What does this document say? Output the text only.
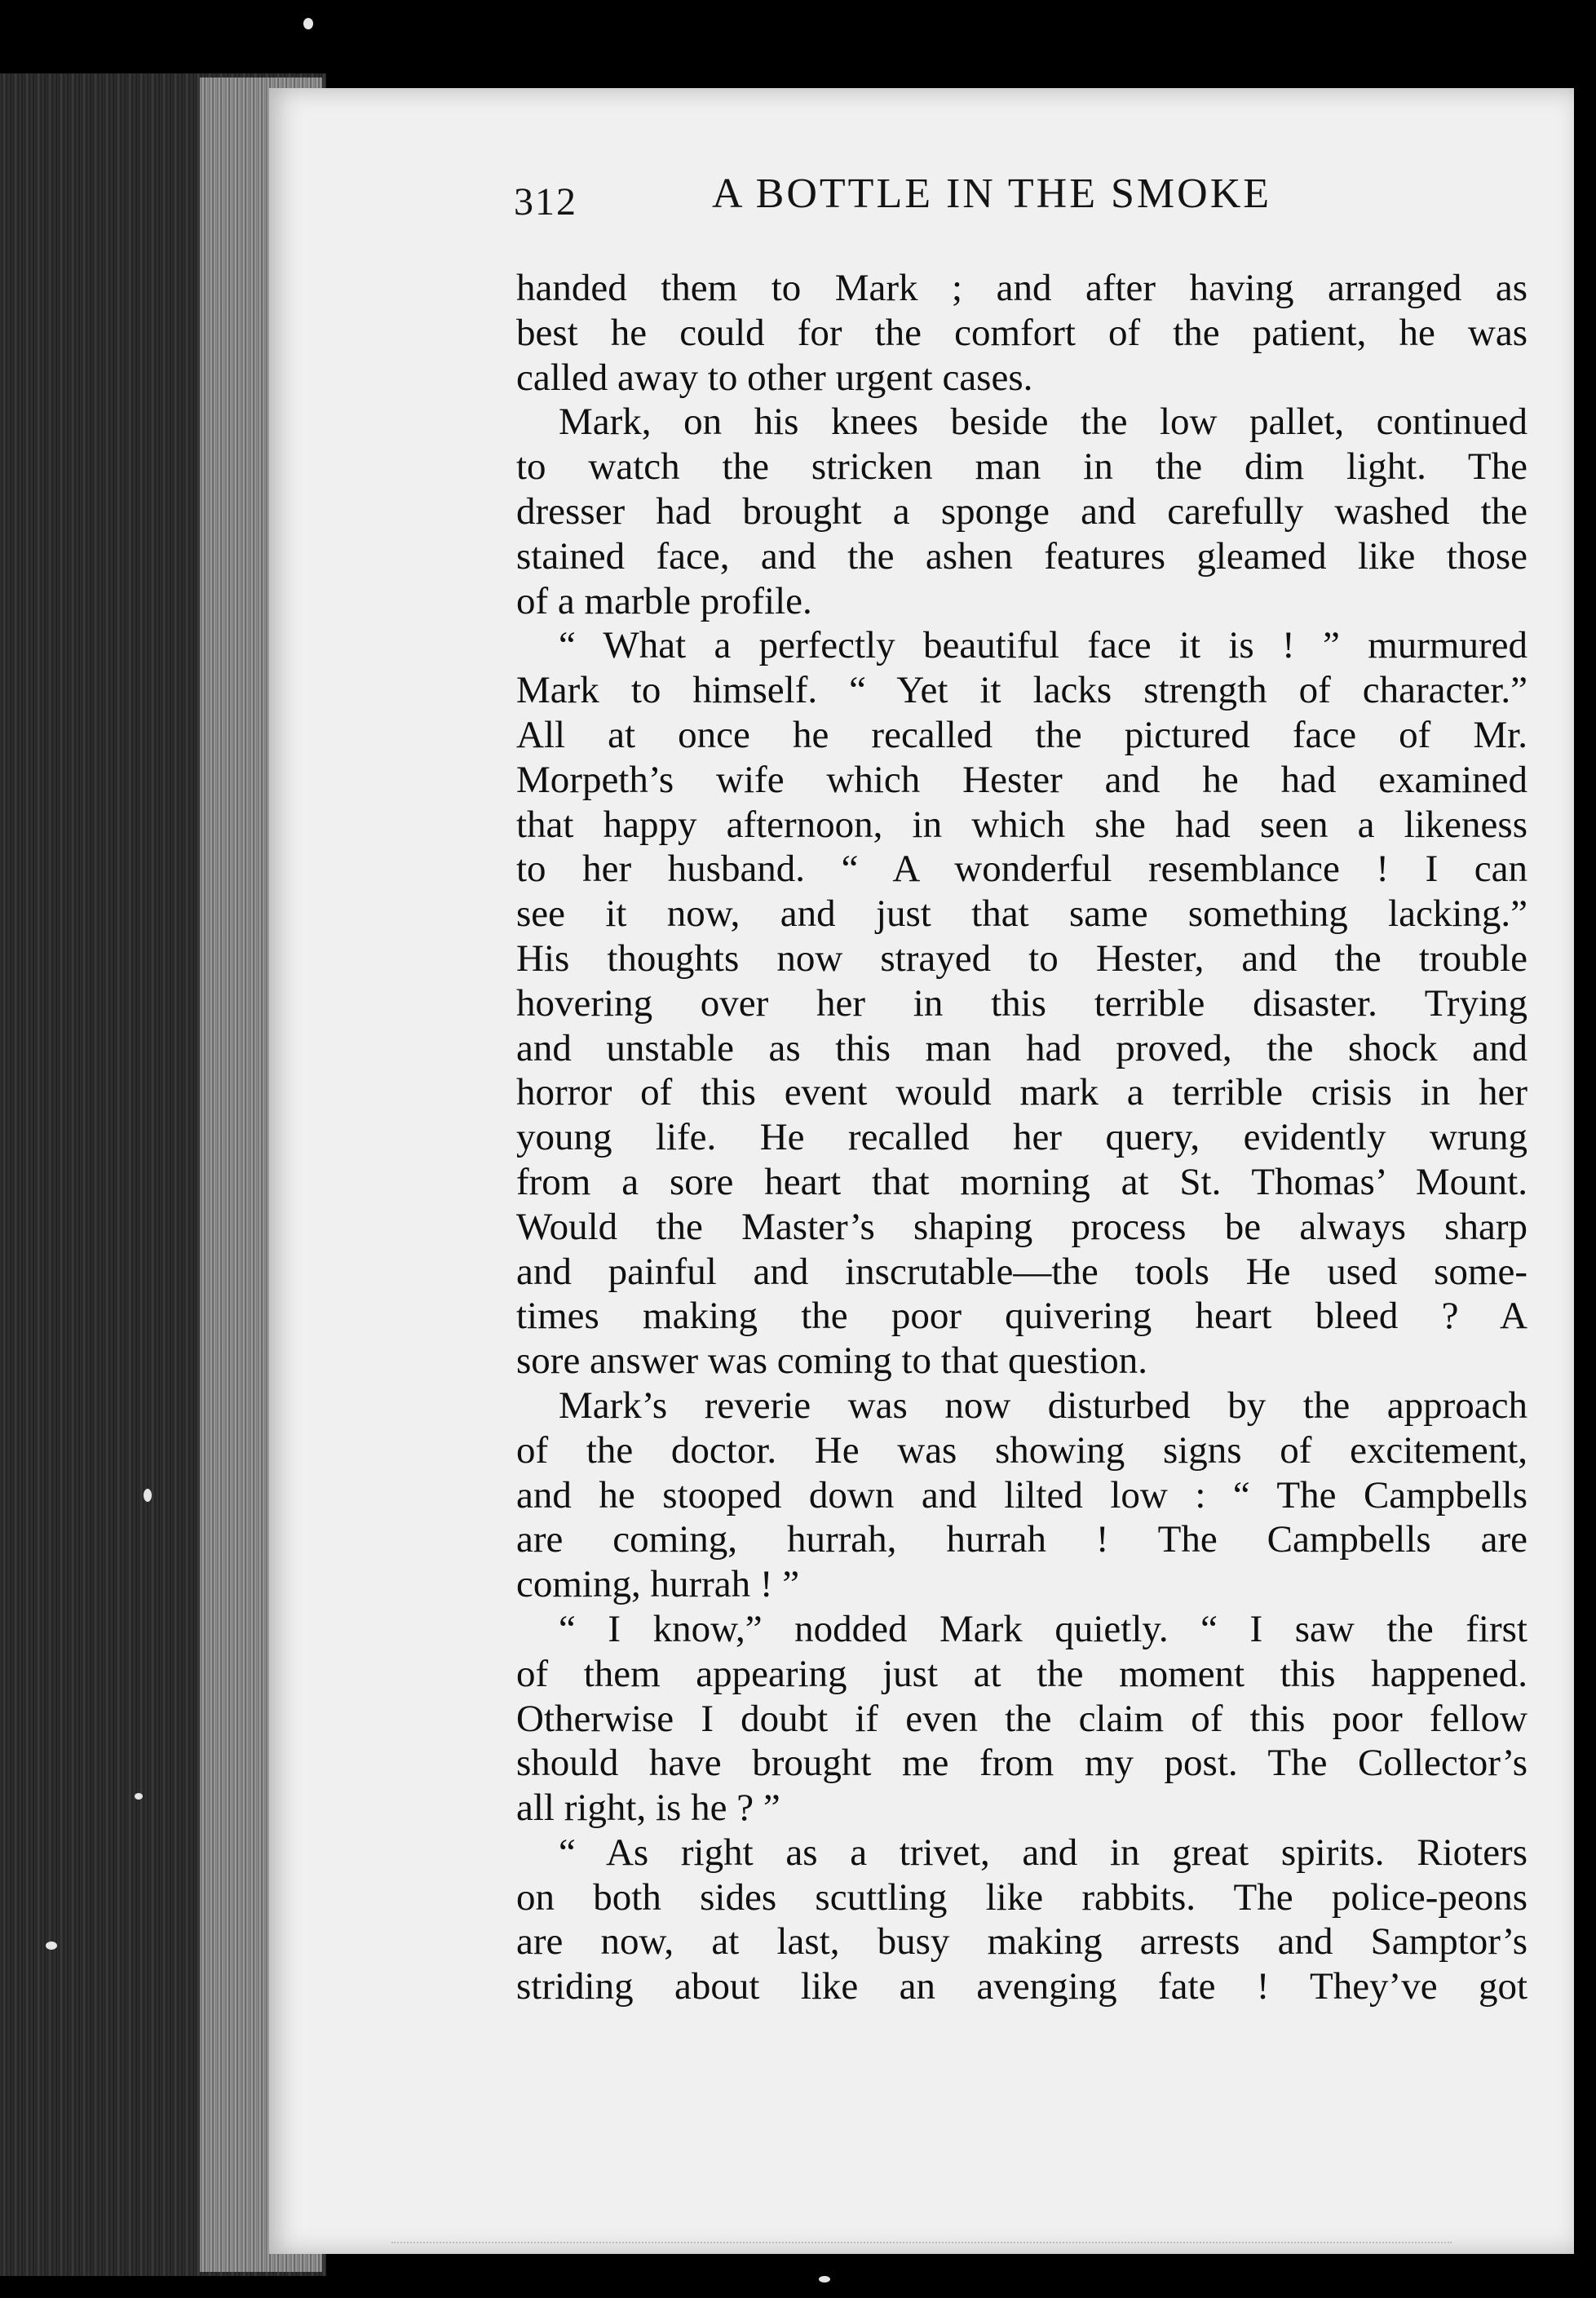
312	A BOTTLE IN THE SMOKE
handed them to Mark ; and after having arranged as
best he could for the comfort of the patient, he was
called away to other urgent cases.
Mark, on his knees beside the low pallet, continued
to watch the stricken man in the dim light. The
dresser had brought a sponge and carefully washed the
stained face, and the ashen features gleamed like those
of a marble profile.
“ What a perfectly beautiful face it is ! ” murmured
Mark to himself. “ Yet it lacks strength of character.”
All at once he recalled the pictured face of Mr.
Morpeth’s wife which Hester and he had examined
that happy afternoon, in which she had seen a likeness
to her husband. “ A wonderful resemblance ! I can
see it now, and just that same something lacking.”
His thoughts now strayed to Hester, and the trouble
hovering over her in this terrible disaster. Trying
and unstable as this man had proved, the shock and
horror of this event would mark a terrible crisis in her
young life. He recalled her query, evidently wrung
from a sore heart that morning at St. Thomas’ Mount.
Would the Master’s shaping process be always sharp
and painful and inscrutable—the tools He used some-
times making the poor quivering heart bleed ? A
sore answer was coming to that question.
Mark’s reverie was now disturbed by the approach
of the doctor. He was showing signs of excitement,
and he stooped down and lilted low : “ The Campbells
are coming, hurrah, hurrah ! The Campbells are
coming, hurrah ! ”
“ I know,” nodded Mark quietly. “ I saw the first
of them appearing just at the moment this happened.
Otherwise I doubt if even the claim of this poor fellow
should have brought me from my post. The Collector’s
all right, is he ? ”
“ As right as a trivet, and in great spirits. Rioters
on both sides scuttling like rabbits. The police-peons
are now, at last, busy making arrests and Samptor’s
striding about like an avenging fate ! They’ve got
